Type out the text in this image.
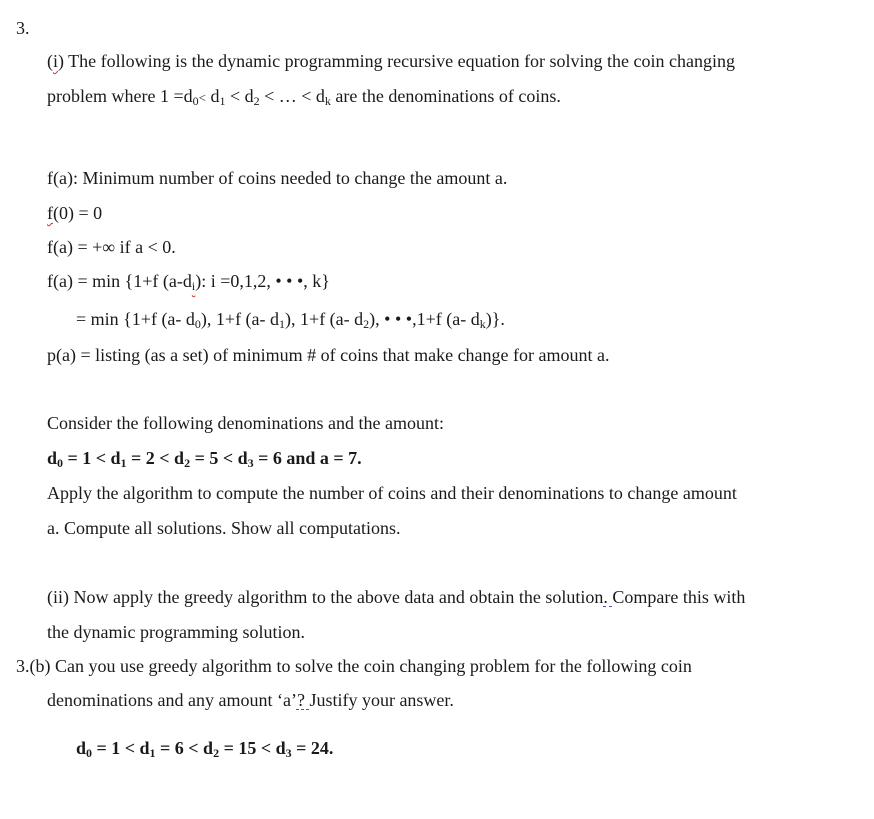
3.
(i) The following is the dynamic programming recursive equation for solving the coin changing
problem where $1 =d_0< d_1 < d_2$ < … < $d_k$ are the denominations of coins.
f(a): Minimum number of coins needed to change the amount a.
f(0) = 0
f(a) = +∞ if a < 0.
f(a) = min {1+f $(a-d_i)$: i =0,1,2, • • •, k}
= min {1+f (a- $d_0$), 1+f (a- $d_1$), 1+f (a- $d_2$), • • •,1+f (a- $d_k$)}.
p(a) = listing (as a set) of minimum # of coins that make change for amount a.
Consider the following denominations and the amount:
$d_0 = 1 < d_1 = 2 < d_2 = 5 < d_3 = 6$ and a = 7.
Apply the algorithm to compute the number of coins and their denominations to change amount
a. Compute all solutions. Show all computations.
(ii) Now apply the greedy algorithm to the above data and obtain the solution. Compare this with
the dynamic programming solution.
3.(b) Can you use greedy algorithm to solve the coin changing problem for the following coin
denominations and any amount ‘a’? Justify your answer.
$d_0 = 1 < d_1 = 6 < d_2 = 15 < d_3 = 24$.
